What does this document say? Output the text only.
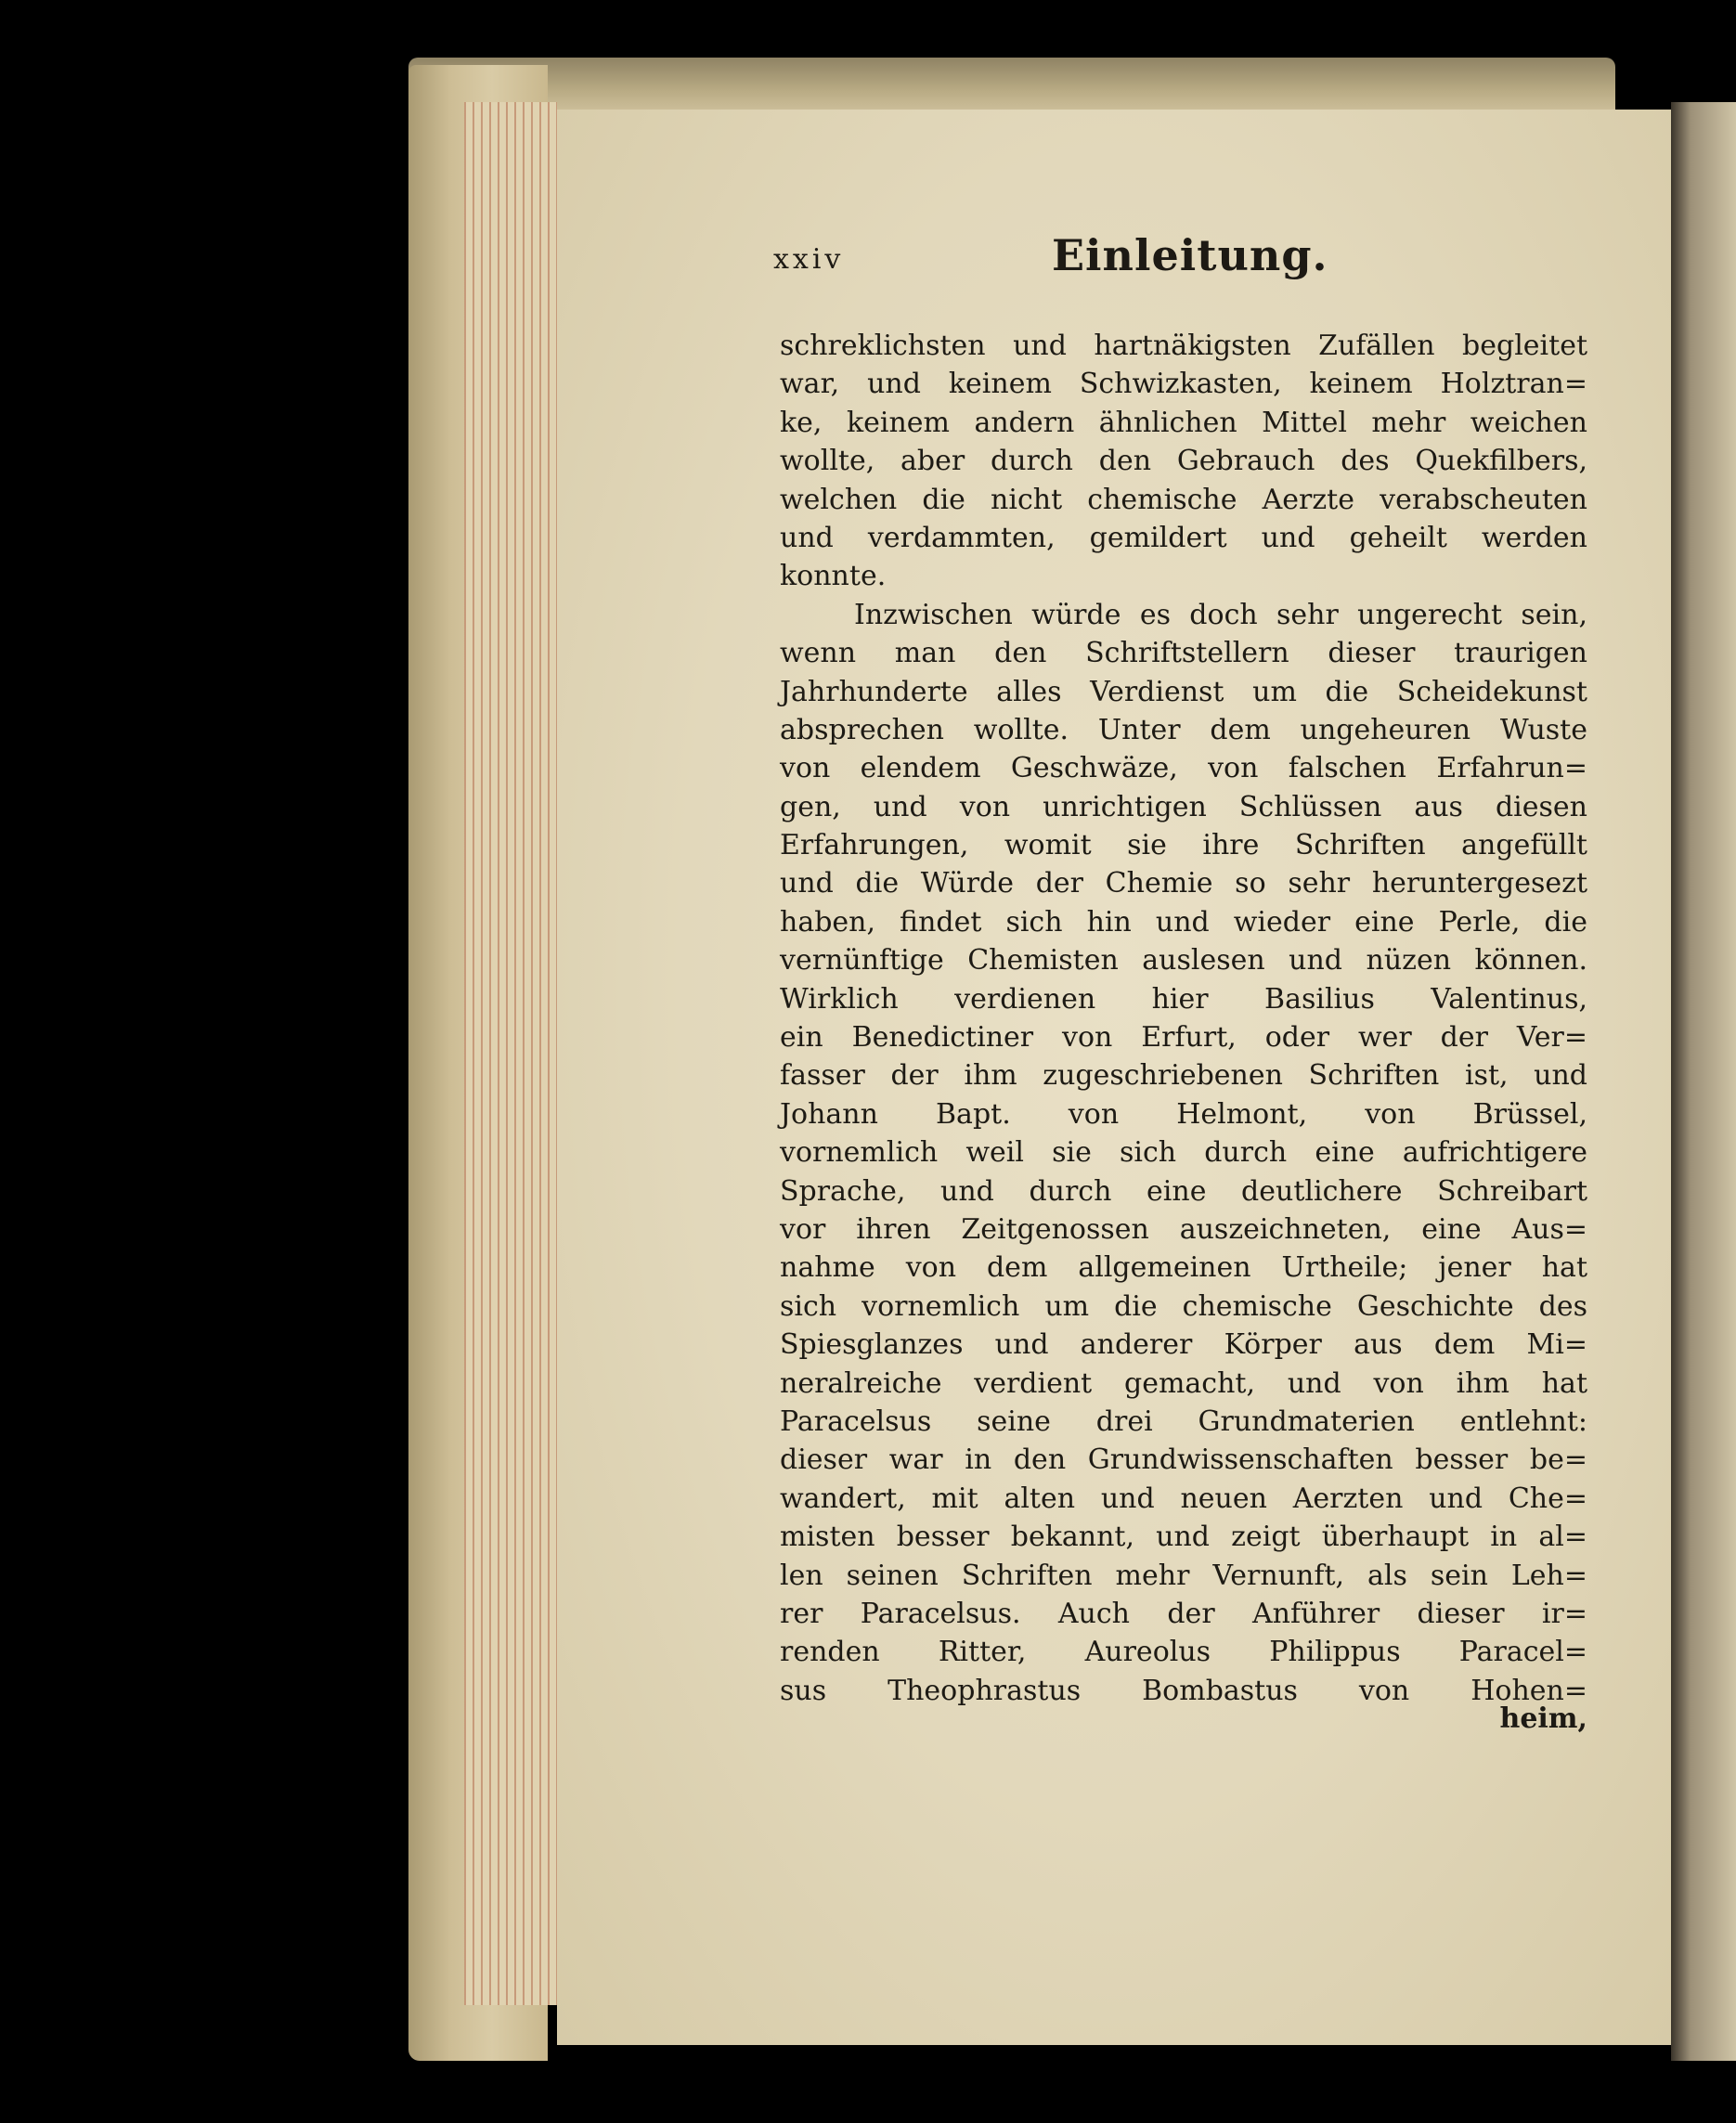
xxiv	Einleitung.
schreklichsten und hartnäkigsten Zufällen begleitet
war, und keinem Schwizkasten, keinem Holztran=
ke, keinem andern ähnlichen Mittel mehr weichen
wollte, aber durch den Gebrauch des Quekfilbers,
welchen die nicht chemische Aerzte verabscheuten
und verdammten, gemildert und geheilt werden
konnte.
Inzwischen würde es doch sehr ungerecht sein,
wenn man den Schriftstellern dieser traurigen
Jahrhunderte alles Verdienst um die Scheidekunst
absprechen wollte. Unter dem ungeheuren Wuste
von elendem Geschwäze, von falschen Erfahrun=
gen, und von unrichtigen Schlüssen aus diesen
Erfahrungen, womit sie ihre Schriften angefüllt
und die Würde der Chemie so sehr heruntergesezt
haben, findet sich hin und wieder eine Perle, die
vernünftige Chemisten auslesen und nüzen können.
Wirklich verdienen hier Basilius Valentinus,
ein Benedictiner von Erfurt, oder wer der Ver=
fasser der ihm zugeschriebenen Schriften ist, und
Johann Bapt. von Helmont, von Brüssel,
vornemlich weil sie sich durch eine aufrichtigere
Sprache, und durch eine deutlichere Schreibart
vor ihren Zeitgenossen auszeichneten, eine Aus=
nahme von dem allgemeinen Urtheile; jener hat
sich vornemlich um die chemische Geschichte des
Spiesglanzes und anderer Körper aus dem Mi=
neralreiche verdient gemacht, und von ihm hat
Paracelsus seine drei Grundmaterien entlehnt:
dieser war in den Grundwissenschaften besser be=
wandert, mit alten und neuen Aerzten und Che=
misten besser bekannt, und zeigt überhaupt in al=
len seinen Schriften mehr Vernunft, als sein Leh=
rer Paracelsus. Auch der Anführer dieser ir=
renden Ritter, Aureolus Philippus Paracel=
sus Theophrastus Bombastus von Hohen=
heim,
